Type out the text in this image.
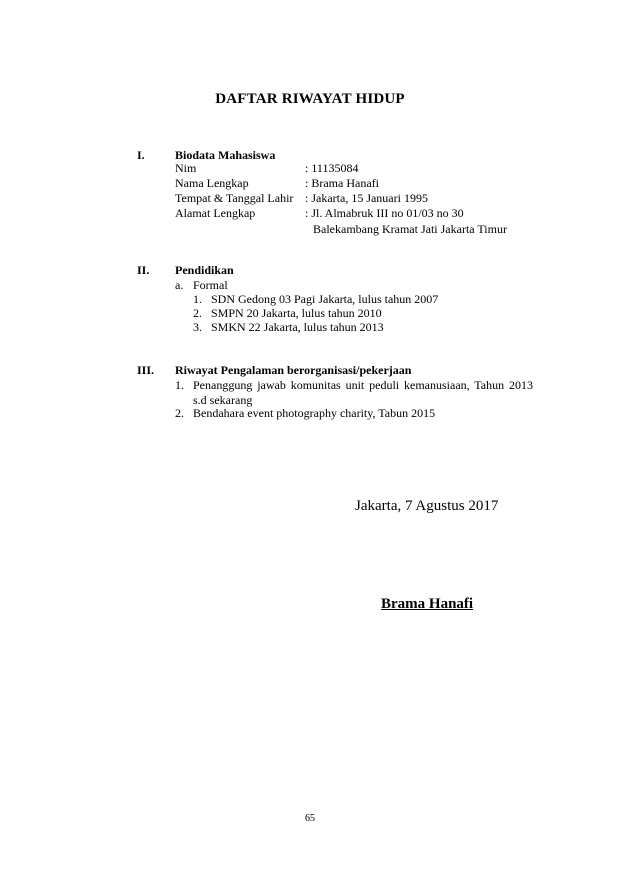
DAFTAR RIWAYAT HIDUP
I.	Biodata Mahasiswa
Nim	: 11135084
Nama Lengkap	: Brama Hanafi
Tempat & Tanggal Lahir : Jakarta, 15 Januari 1995
Alamat Lengkap	: Jl. Almabruk III no 01/03 no 30
Balekambang Kramat Jati Jakarta Timur
II. Pendidikan
a. Formal
1. SDN Gedong 03 Pagi Jakarta, lulus tahun 2007
2. SMPN 20 Jakarta, lulus tahun 2010
3. SMKN 22 Jakarta, lulus tahun 2013
III. Riwayat Pengalaman berorganisasi/pekerjaan
1. Penanggung jawab komunitas unit peduli kemanusiaan, Tahun 2013 s.d sekarang
2. Bendahara event photography charity, Tabun 2015
Jakarta, 7 Agustus 2017
Brama Hanafi
65
